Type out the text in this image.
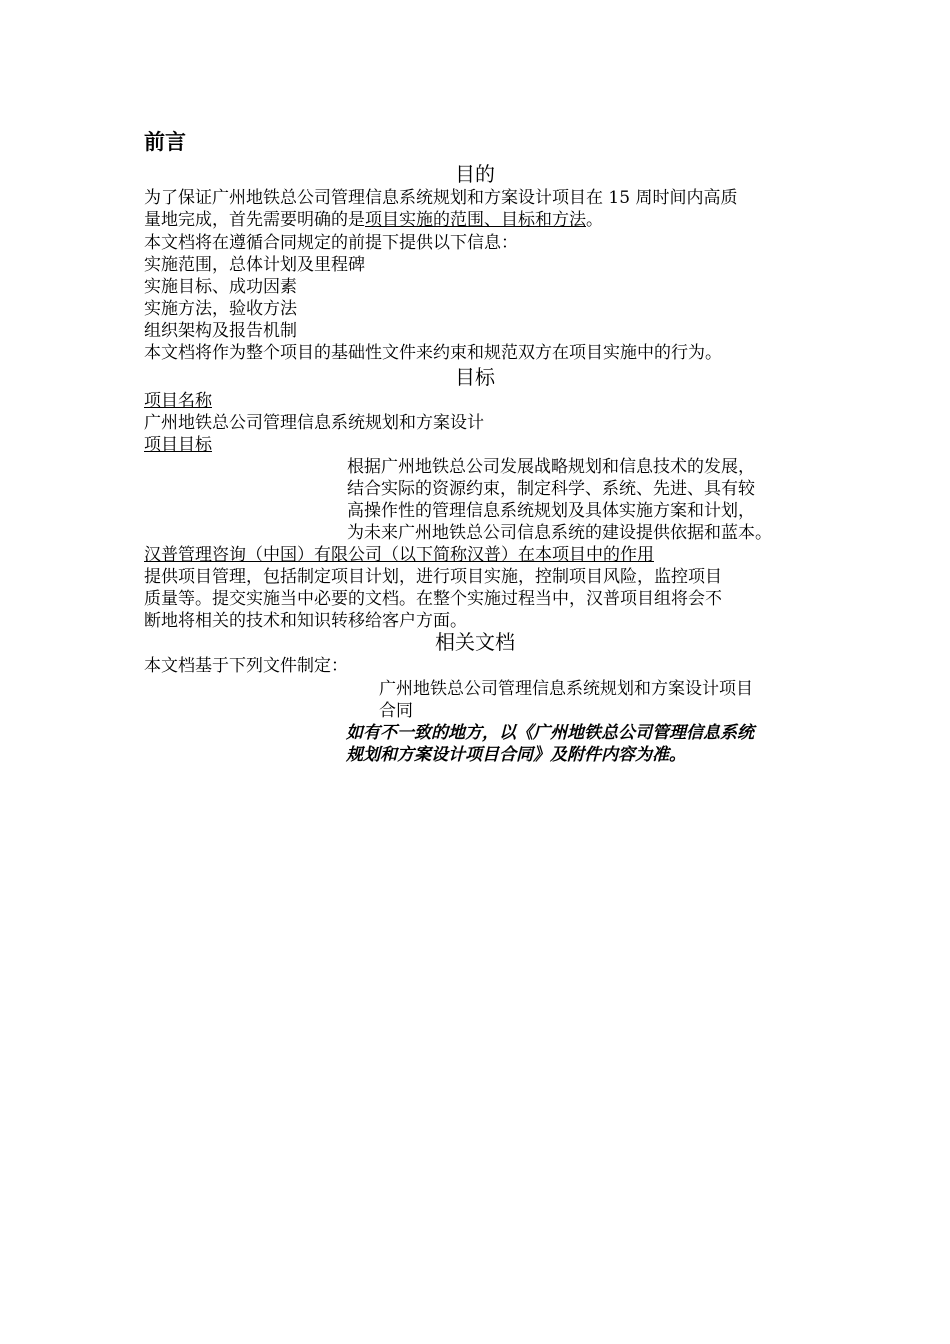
前言
目的
为了保证广州地铁总公司管理信息系统规划和方案设计项目在 15 周时间内高质
量地完成，首先需要明确的是项目实施的范围、目标和方法。
本文档将在遵循合同规定的前提下提供以下信息：
实施范围，总体计划及里程碑
实施目标、成功因素
实施方法，验收方法
组织架构及报告机制
本文档将作为整个项目的基础性文件来约束和规范双方在项目实施中的行为。
目标
项目名称
广州地铁总公司管理信息系统规划和方案设计
项目目标
根据广州地铁总公司发展战略规划和信息技术的发展，
结合实际的资源约束，制定科学、系统、先进、具有较
高操作性的管理信息系统规划及具体实施方案和计划，
为未来广州地铁总公司信息系统的建设提供依据和蓝本。
汉普管理咨询（中国）有限公司（以下简称汉普）在本项目中的作用
提供项目管理，包括制定项目计划，进行项目实施，控制项目风险，监控项目
质量等。提交实施当中必要的文档。在整个实施过程当中，汉普项目组将会不
断地将相关的技术和知识转移给客户方面。
相关文档
本文档基于下列文件制定：
广州地铁总公司管理信息系统规划和方案设计项目
合同
如有不一致的地方，以《广州地铁总公司管理信息系统
规划和方案设计项目合同》及附件内容为准。
